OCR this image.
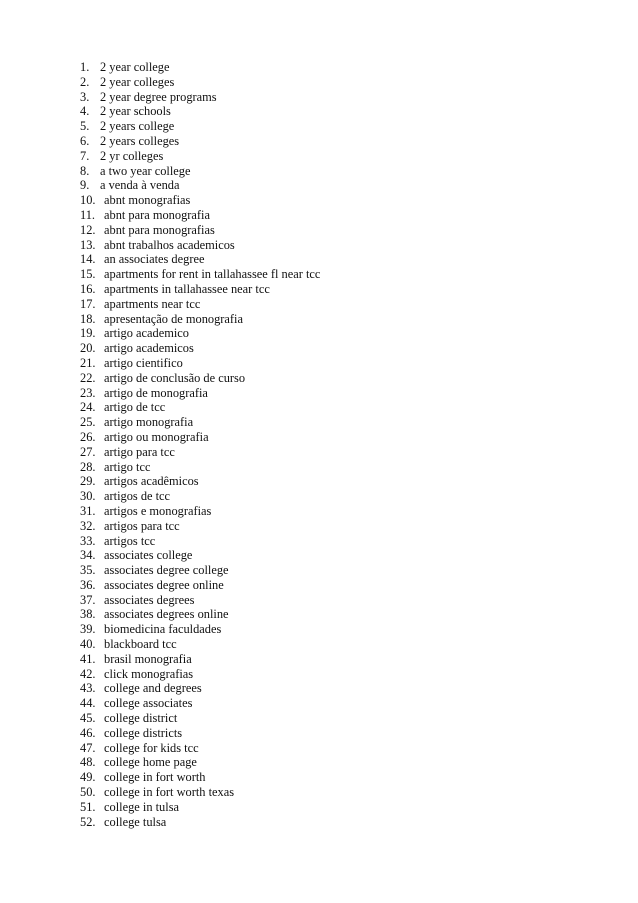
1. 2 year college
2. 2 year colleges
3. 2 year degree programs
4. 2 year schools
5. 2 years college
6. 2 years colleges
7. 2 yr colleges
8. a two year college
9. a venda à venda
10. abnt monografias
11. abnt para monografia
12. abnt para monografias
13. abnt trabalhos academicos
14. an associates degree
15. apartments for rent in tallahassee fl near tcc
16. apartments in tallahassee near tcc
17. apartments near tcc
18. apresentação de monografia
19. artigo academico
20. artigo academicos
21. artigo cientifico
22. artigo de conclusão de curso
23. artigo de monografia
24. artigo de tcc
25. artigo monografia
26. artigo ou monografia
27. artigo para tcc
28. artigo tcc
29. artigos acadêmicos
30. artigos de tcc
31. artigos e monografias
32. artigos para tcc
33. artigos tcc
34. associates college
35. associates degree college
36. associates degree online
37. associates degrees
38. associates degrees online
39. biomedicina faculdades
40. blackboard tcc
41. brasil monografia
42. click monografias
43. college and degrees
44. college associates
45. college district
46. college districts
47. college for kids tcc
48. college home page
49. college in fort worth
50. college in fort worth texas
51. college in tulsa
52. college tulsa
